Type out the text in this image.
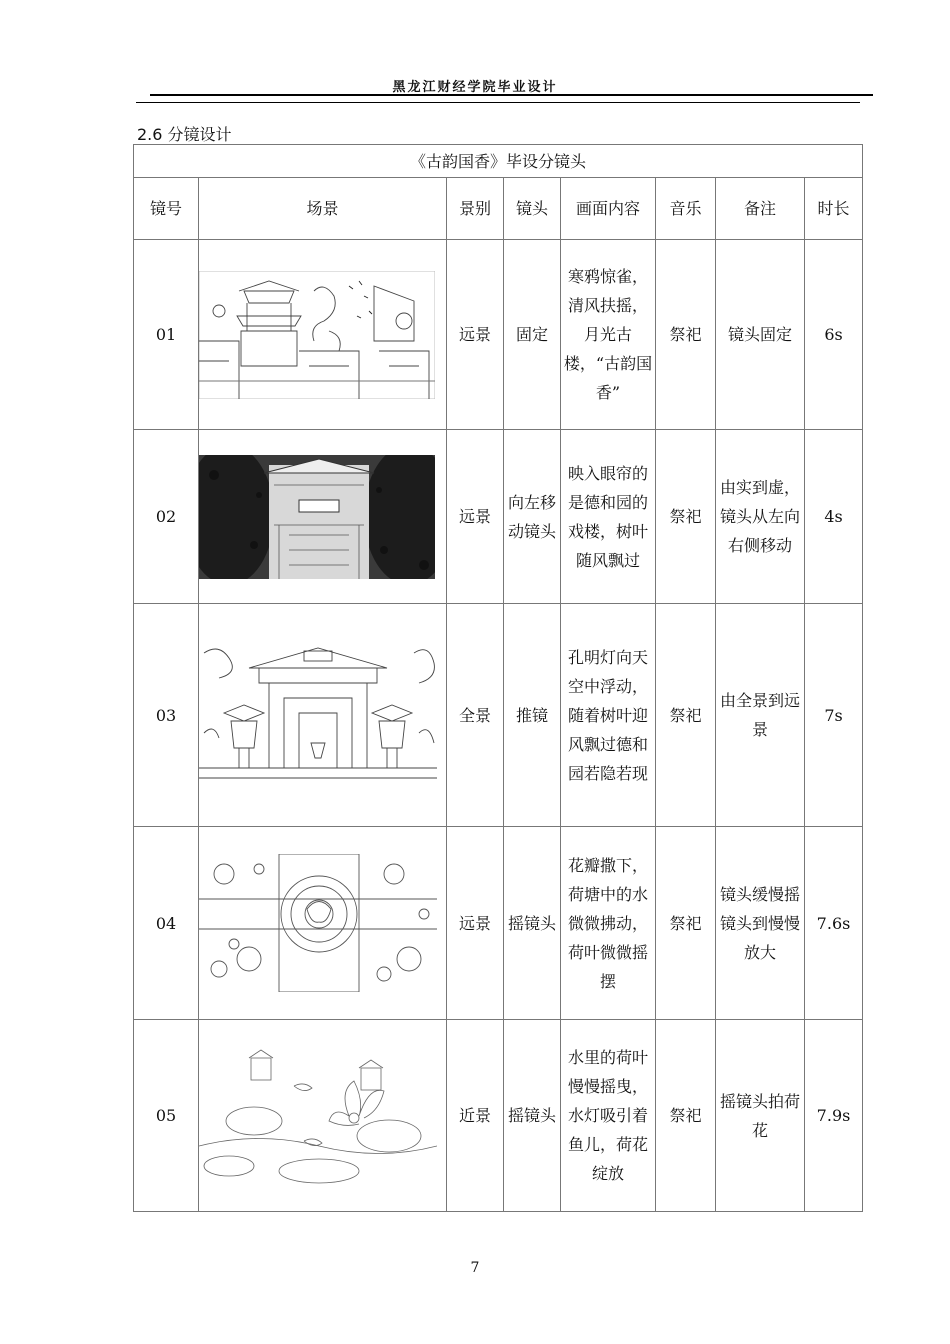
黑龙江财经学院毕业设计
2.6 分镜设计
《古韵国香》毕设分镜头							
镜号	场景	景别	镜头	画面内容	音乐	备注	时长
01		远景	固定	寒鸦惊雀，清风扶摇，月光古楼，“古韵国香”	祭祀	镜头固定	6s
02		远景	向左移动镜头	映入眼帘的是德和园的戏楼，树叶随风飘过	祭祀	由实到虚，镜头从左向右侧移动	4s
03		全景	推镜	孔明灯向天空中浮动，随着树叶迎风飘过德和园若隐若现	祭祀	由全景到远景	7s
04		远景	摇镜头	花瓣撒下，荷塘中的水微微拂动，荷叶微微摇摆	祭祀	镜头缓慢摇镜头到慢慢放大	7.6s
05		近景	摇镜头	水里的荷叶慢慢摇曳，水灯吸引着鱼儿，荷花绽放	祭祀	摇镜头拍荷花	7.9s
7
